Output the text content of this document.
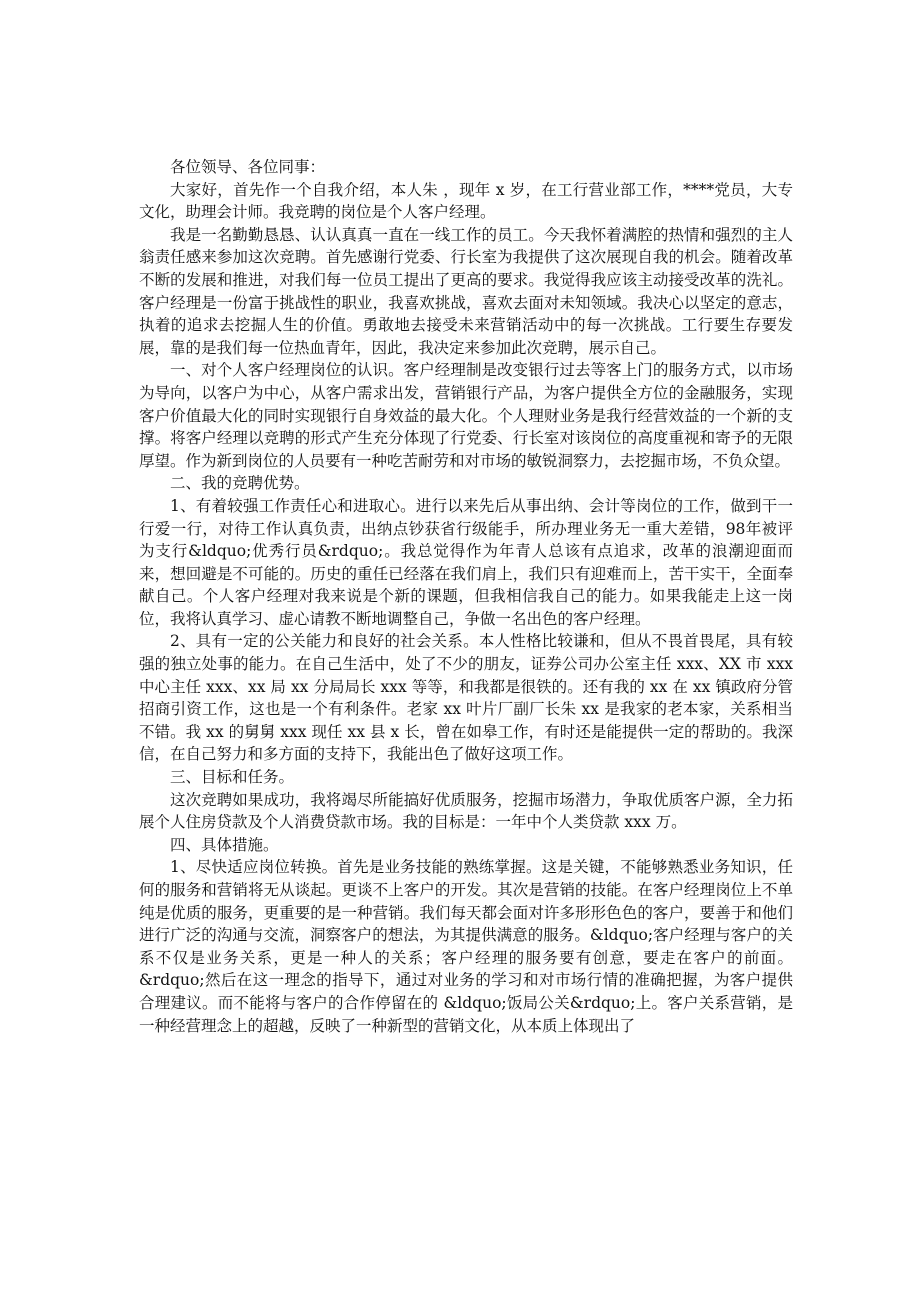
各位领导、各位同事：

大家好，首先作一个自我介绍，本人朱 ，现年 x 岁，在工行营业部工作，****党员，大专文化，助理会计师。我竞聘的岗位是个人客户经理。

我是一名勤勤恳恳、认认真真一直在一线工作的员工。今天我怀着满腔的热情和强烈的主人翁责任感来参加这次竞聘。首先感谢行党委、行长室为我提供了这次展现自我的机会。随着改革不断的发展和推进，对我们每一位员工提出了更高的要求。我觉得我应该主动接受改革的洗礼。客户经理是一份富于挑战性的职业，我喜欢挑战，喜欢去面对未知领域。我决心以坚定的意志，执着的追求去挖掘人生的价值。勇敢地去接受未来营销活动中的每一次挑战。工行要生存要发展，靠的是我们每一位热血青年，因此，我决定来参加此次竞聘，展示自己。

一、对个人客户经理岗位的认识。客户经理制是改变银行过去等客上门的服务方式，以市场为导向，以客户为中心，从客户需求出发，营销银行产品，为客户提供全方位的金融服务，实现客户价值最大化的同时实现银行自身效益的最大化。个人理财业务是我行经营效益的一个新的支撑。将客户经理以竞聘的形式产生充分体现了行党委、行长室对该岗位的高度重视和寄予的无限厚望。作为新到岗位的人员要有一种吃苦耐劳和对市场的敏锐洞察力，去挖掘市场，不负众望。

二、我的竞聘优势。

1、有着较强工作责任心和进取心。进行以来先后从事出纳、会计等岗位的工作，做到干一行爱一行，对待工作认真负责，出纳点钞获省行级能手，所办理业务无一重大差错，98年被评为支行&ldquo;优秀行员&rdquo;。我总觉得作为年青人总该有点追求，改革的浪潮迎面而来，想回避是不可能的。历史的重任已经落在我们肩上，我们只有迎难而上，苦干实干，全面奉献自己。个人客户经理对我来说是个新的课题，但我相信我自己的能力。如果我能走上这一岗位，我将认真学习、虚心请教不断地调整自己，争做一名出色的客户经理。

2、具有一定的公关能力和良好的社会关系。本人性格比较谦和，但从不畏首畏尾，具有较强的独立处事的能力。在自己生活中，处了不少的朋友，证券公司办公室主任 xxx、XX 市 xxx 中心主任 xxx、xx 局 xx 分局局长 xxx 等等，和我都是很铁的。还有我的 xx 在 xx 镇政府分管招商引资工作，这也是一个有利条件。老家 xx 叶片厂副厂长朱 xx 是我家的老本家，关系相当不错。我 xx 的舅舅 xxx 现任 xx 县 x 长，曾在如皋工作，有时还是能提供一定的帮助的。我深信，在自己努力和多方面的支持下，我能出色了做好这项工作。

三、目标和任务。

这次竞聘如果成功，我将竭尽所能搞好优质服务，挖掘市场潜力，争取优质客户源，全力拓展个人住房贷款及个人消费贷款市场。我的目标是：一年中个人类贷款 xxx 万。

四、具体措施。

1、尽快适应岗位转换。首先是业务技能的熟练掌握。这是关键，不能够熟悉业务知识，任何的服务和营销将无从谈起。更谈不上客户的开发。其次是营销的技能。在客户经理岗位上不单纯是优质的服务，更重要的是一种营销。我们每天都会面对许多形形色色的客户，要善于和他们进行广泛的沟通与交流，洞察客户的想法，为其提供满意的服务。&ldquo;客户经理与客户的关系不仅是业务关系，更是一种人的关系；客户经理的服务要有创意，要走在客户的前面。&rdquo;然后在这一理念的指导下，通过对业务的学习和对市场行情的准确把握，为客户提供合理建议。而不能将与客户的合作停留在的 &ldquo;饭局公关&rdquo;上。客户关系营销，是一种经营理念上的超越，反映了一种新型的营销文化，从本质上体现出了
